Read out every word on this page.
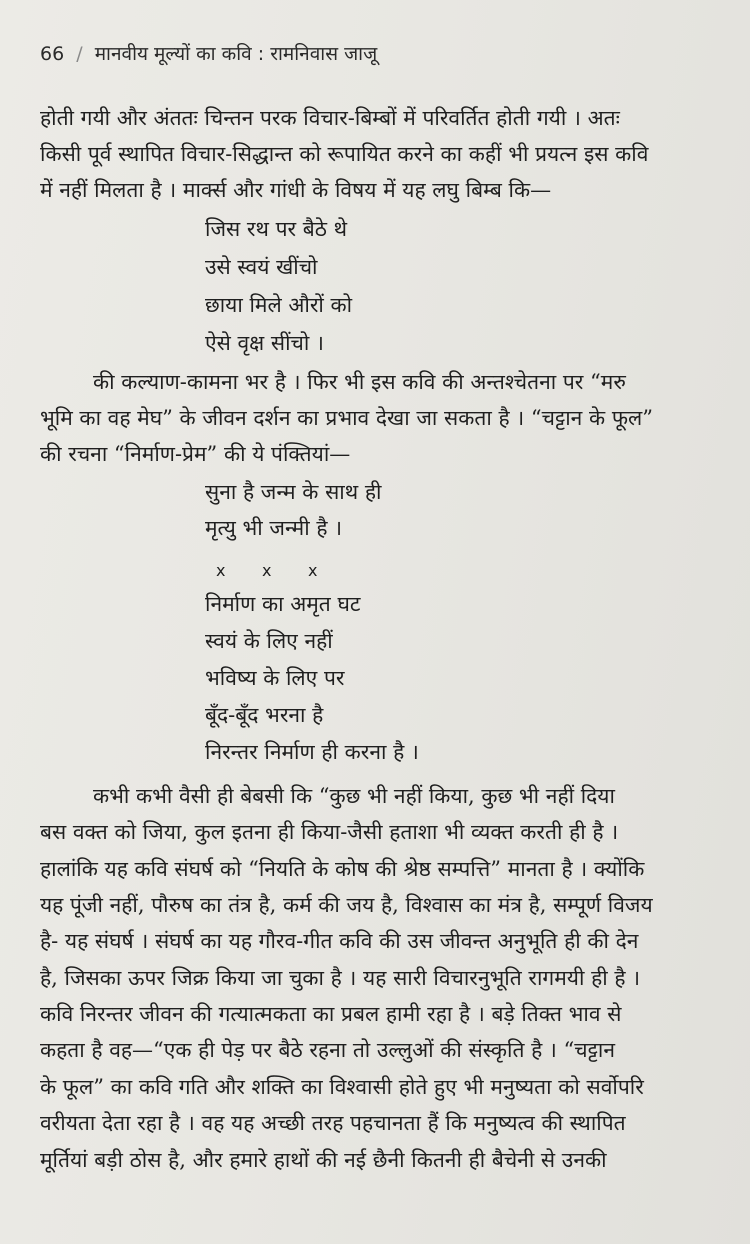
66 / मानवीय मूल्यों का कवि : रामनिवास जाजू
होती गयी और अंततः चिन्तन परक विचार-बिम्बों में परिवर्तित होती गयी । अतः
किसी पूर्व स्थापित विचार-सिद्धान्त को रूपायित करने का कहीं भी प्रयत्न इस कवि
में नहीं मिलता है । मार्क्स और गांधी के विषय में यह लघु बिम्ब कि—
जिस रथ पर बैठे थे
उसे स्वयं खींचो
छाया मिले औरों को
ऐसे वृक्ष सींचो ।
की कल्याण-कामना भर है । फिर भी इस कवि की अन्तश्चेतना पर “मरु
भूमि का वह मेघ” के जीवन दर्शन का प्रभाव देखा जा सकता है । “चट्टान के फूल”
की रचना “निर्माण-प्रेम” की ये पंक्तियां—
सुना है जन्म के साथ ही
मृत्यु भी जन्मी है ।
x x x
निर्माण का अमृत घट
स्वयं के लिए नहीं
भविष्य के लिए पर
बूँद-बूँद भरना है
निरन्तर निर्माण ही करना है ।
कभी कभी वैसी ही बेबसी कि “कुछ भी नहीं किया, कुछ भी नहीं दिया
बस वक्त को जिया, कुल इतना ही किया-जैसी हताशा भी व्यक्त करती ही है ।
हालांकि यह कवि संघर्ष को “नियति के कोष की श्रेष्ठ सम्पत्ति” मानता है । क्योंकि
यह पूंजी नहीं, पौरुष का तंत्र है, कर्म की जय है, विश्वास का मंत्र है, सम्पूर्ण विजय
है- यह संघर्ष । संघर्ष का यह गौरव-गीत कवि की उस जीवन्त अनुभूति ही की देन
है, जिसका ऊपर जिक्र किया जा चुका है । यह सारी विचारनुभूति रागमयी ही है ।
कवि निरन्तर जीवन की गत्यात्मकता का प्रबल हामी रहा है । बड़े तिक्त भाव से
कहता है वह—“एक ही पेड़ पर बैठे रहना तो उल्लुओं की संस्कृति है । “चट्टान
के फूल” का कवि गति और शक्ति का विश्वासी होते हुए भी मनुष्यता को सर्वोपरि
वरीयता देता रहा है । वह यह अच्छी तरह पहचानता हैं कि मनुष्यत्व की स्थापित
मूर्तियां बड़ी ठोस है, और हमारे हाथों की नई छैनी कितनी ही बैचेनी से उनकी
